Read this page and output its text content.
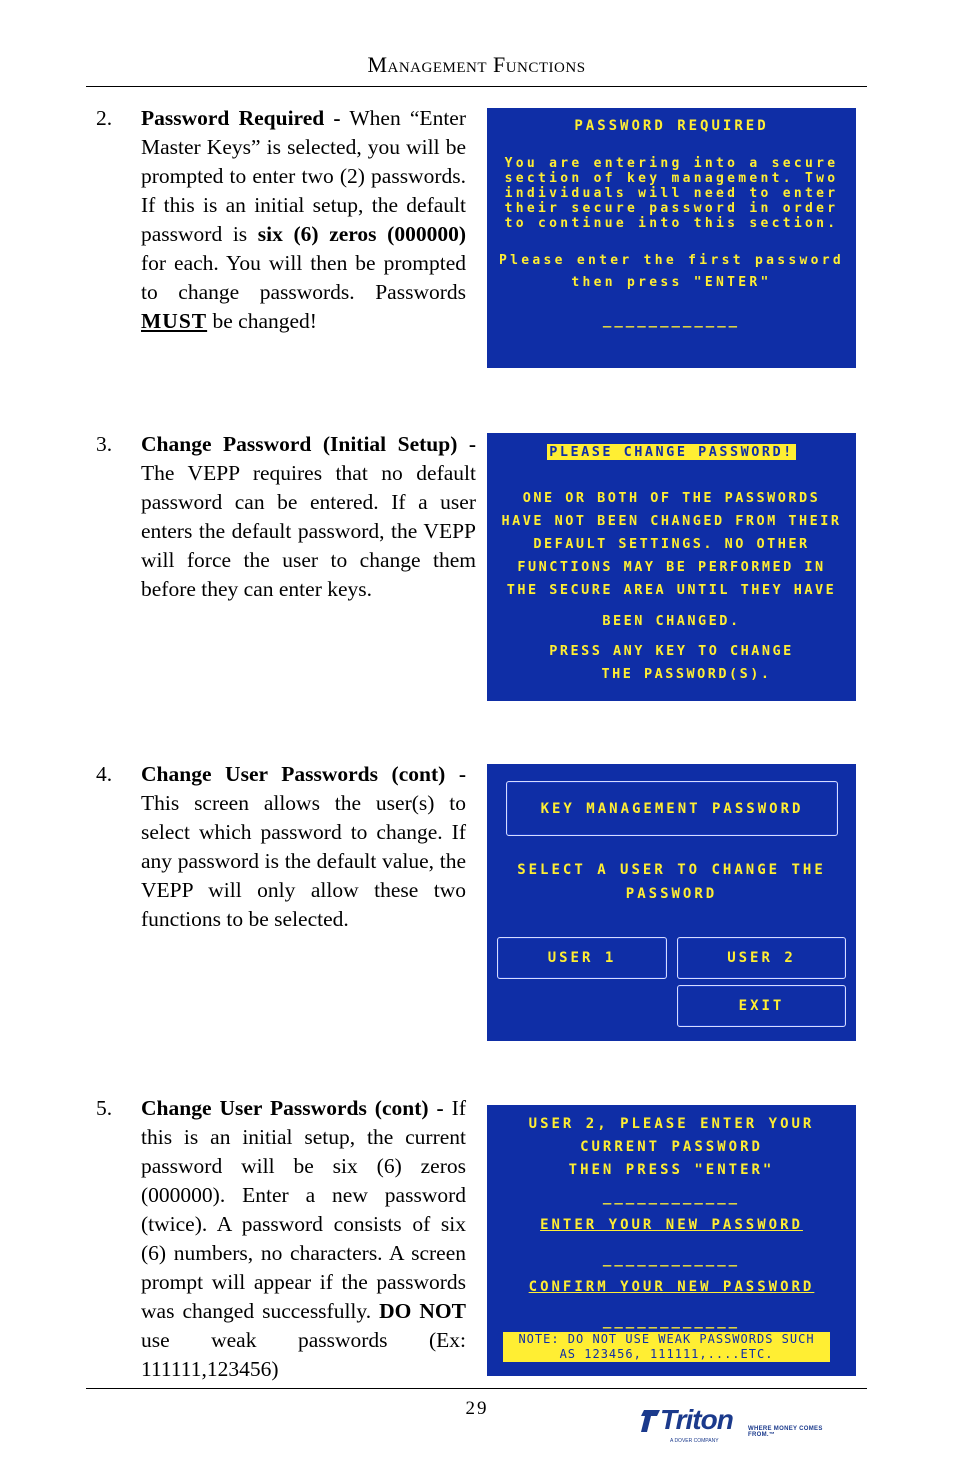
Management Functions
2. Password Required - When “Enter Master Keys” is selected, you will be prompted to enter two (2) passwords. If this is an initial setup, the default password is six (6) zeros (000000) for each. You will then be prompted to change passwords. Passwords MUST be changed!
3. Change Password (Initial Setup) - The VEPP requires that no default password can be entered. If a user enters the default password, the VEPP will force the user to change them before they can enter keys.
4. Change User Passwords (cont) - This screen allows the user(s) to select which password to change. If any password is the default value, the VEPP will only allow these two functions to be selected.
5. Change User Passwords (cont) - If this is an initial setup, the current password will be six (6) zeros (000000). Enter a new password (twice). A password consists of six (6) numbers, no characters. A screen prompt will appear if the passwords was changed successfully. DO NOT use weak passwords (Ex: 111111,123456)
PASSWORD REQUIRED
You are entering into a secure
section of key management. Two
individuals will need to enter
their secure password in order
to continue into this section.
Please enter the first password
then press "ENTER"
____________
PLEASE CHANGE PASSWORD!
ONE OR BOTH OF THE PASSWORDS
HAVE NOT BEEN CHANGED FROM THEIR
DEFAULT SETTINGS. NO OTHER
FUNCTIONS MAY BE PERFORMED IN
THE SECURE AREA UNTIL THEY HAVE
BEEN CHANGED.
PRESS ANY KEY TO CHANGE
THE PASSWORD(S).
KEY MANAGEMENT PASSWORD
SELECT A USER TO CHANGE THE
PASSWORD
USER 1	USER 2
EXIT
USER 2, PLEASE ENTER YOUR
CURRENT PASSWORD
THEN PRESS "ENTER"
____________
ENTER YOUR NEW PASSWORD
____________
CONFIRM YOUR NEW PASSWORD
____________
NOTE: DO NOT USE WEAK PASSWORDS SUCH
AS 123456, 111111,....ETC.
29	Triton	WHERE MONEY COMES FROM.™
A DOVER COMPANY
